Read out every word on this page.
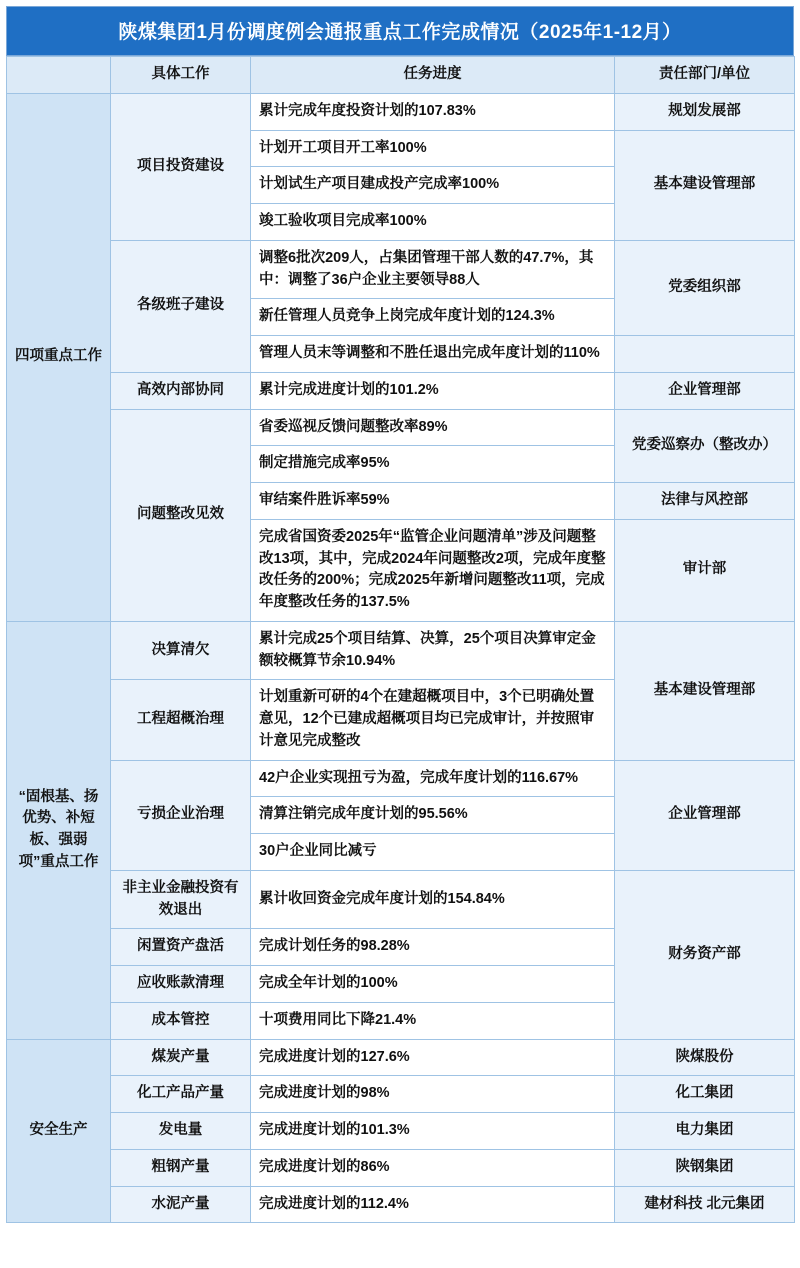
陕煤集团1月份调度例会通报重点工作完成情况（2025年1-12月）
	具体工作	任务进度	责任部门/单位
四项重点工作	项目投资建设	累计完成年度投资计划的107.83%	规划发展部
		计划开工项目开工率100%	基本建设管理部
		计划试生产项目建成投产完成率100%	
		竣工验收项目完成率100%	
	各级班子建设	调整6批次209人，占集团管理干部人数的47.7%，其中：调整了36户企业主要领导88人	党委组织部
		新任管理人员竞争上岗完成年度计划的124.3%	
		管理人员末等调整和不胜任退出完成年度计划的110%	
	高效内部协同	累计完成进度计划的101.2%	企业管理部
	问题整改见效	省委巡视反馈问题整改率89%	党委巡察办（整改办）
		制定措施完成率95%	
		审结案件胜诉率59%	法律与风控部
		完成省国资委2025年“监管企业问题清单”涉及问题整改13项，其中，完成2024年问题整改2项，完成年度整改任务的200%；完成2025年新增问题整改11项，完成年度整改任务的137.5%	审计部
“固根基、扬优势、补短板、强弱项”重点工作	决算清欠	累计完成25个项目结算、决算，25个项目决算审定金额较概算节余10.94%	基本建设管理部
	工程超概治理	计划重新可研的4个在建超概项目中，3个已明确处置意见，12个已建成超概项目均已完成审计，并按照审计意见完成整改	
	亏损企业治理	42户企业实现扭亏为盈，完成年度计划的116.67%	企业管理部
		清算注销完成年度计划的95.56%	
		30户企业同比减亏	
	非主业金融投资有效退出	累计收回资金完成年度计划的154.84%	财务资产部
	闲置资产盘活	完成计划任务的98.28%	
	应收账款清理	完成全年计划的100%	
	成本管控	十项费用同比下降21.4%	
安全生产	煤炭产量	完成进度计划的127.6%	陕煤股份
	化工产品产量	完成进度计划的98%	化工集团
	发电量	完成进度计划的101.3%	电力集团
	粗钢产量	完成进度计划的86%	陕钢集团
	水泥产量	完成进度计划的112.4%	建材科技 北元集团
